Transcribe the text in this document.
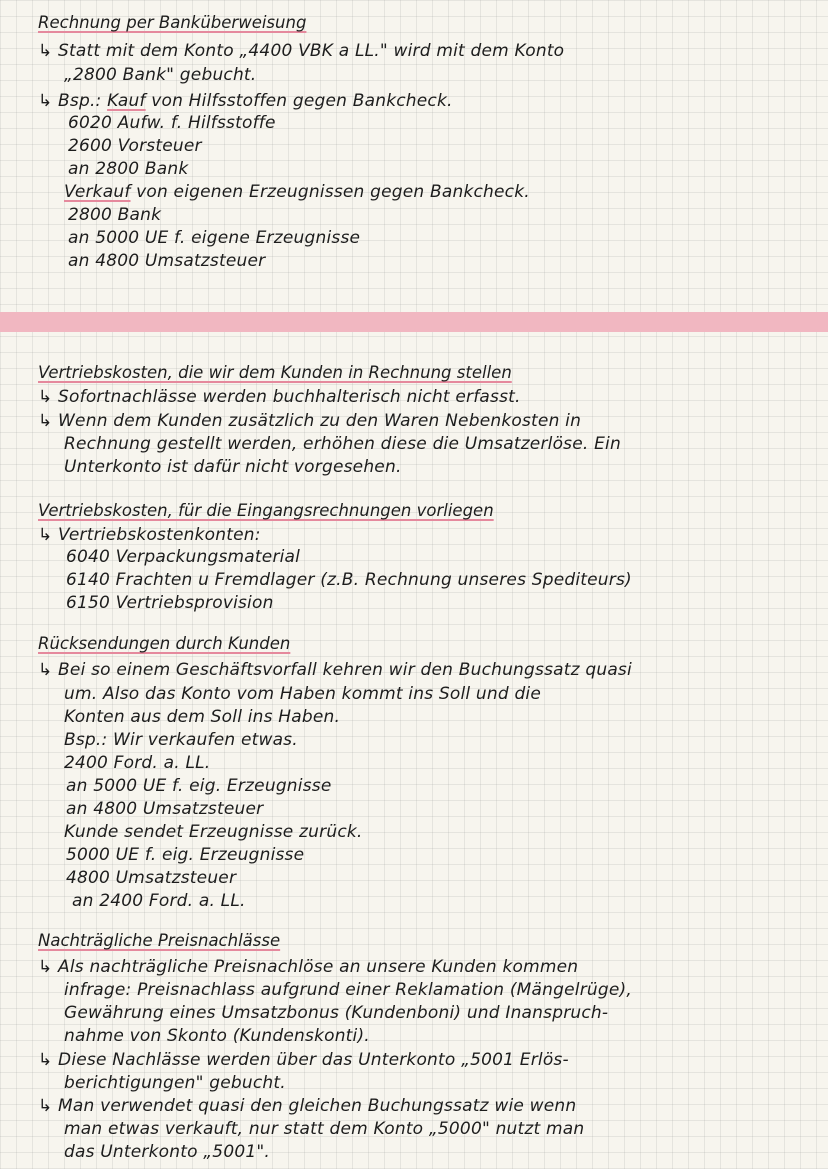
Rechnung per Banküberweisung
↳ Statt mit dem Konto „4400 VBK a LL." wird mit dem Konto
„2800 Bank" gebucht.
↳ Bsp.: Kauf von Hilfsstoffen gegen Bankcheck.
6020 Aufw. f. Hilfsstoffe
2600 Vorsteuer
an 2800 Bank
Verkauf von eigenen Erzeugnissen gegen Bankcheck.
2800 Bank
an 5000 UE f. eigene Erzeugnisse
an 4800 Umsatzsteuer
Vertriebskosten, die wir dem Kunden in Rechnung stellen
↳ Sofortnachlässe werden buchhalterisch nicht erfasst.
↳ Wenn dem Kunden zusätzlich zu den Waren Nebenkosten in
Rechnung gestellt werden, erhöhen diese die Umsatzerlöse. Ein
Unterkonto ist dafür nicht vorgesehen.
Vertriebskosten, für die Eingangsrechnungen vorliegen
↳ Vertriebskostenkonten:
6040 Verpackungsmaterial
6140 Frachten u Fremdlager (z.B. Rechnung unseres Spediteurs)
6150 Vertriebsprovision
Rücksendungen durch Kunden
↳ Bei so einem Geschäftsvorfall kehren wir den Buchungssatz quasi
um. Also das Konto vom Haben kommt ins Soll und die
Konten aus dem Soll ins Haben.
Bsp.: Wir verkaufen etwas.
2400 Ford. a. LL.
an 5000 UE f. eig. Erzeugnisse
an 4800 Umsatzsteuer
Kunde sendet Erzeugnisse zurück.
5000 UE f. eig. Erzeugnisse
4800 Umsatzsteuer
an 2400 Ford. a. LL.
Nachträgliche Preisnachlässe
↳ Als nachträgliche Preisnachlöse an unsere Kunden kommen
infrage: Preisnachlass aufgrund einer Reklamation (Mängelrüge),
Gewährung eines Umsatzbonus (Kundenboni) und Inanspruch-
nahme von Skonto (Kundenskonti).
↳ Diese Nachlässe werden über das Unterkonto „5001 Erlös-
berichtigungen" gebucht.
↳ Man verwendet quasi den gleichen Buchungssatz wie wenn
man etwas verkauft, nur statt dem Konto „5000" nutzt man
das Unterkonto „5001".
